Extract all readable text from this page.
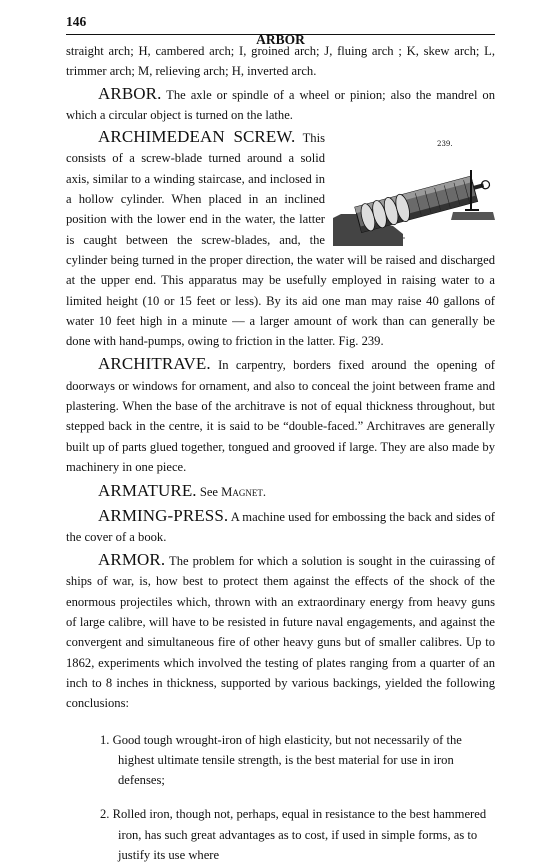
146
ARBOR

straight arch; H, cambered arch; I, groined arch; J, fluing arch ; K, skew arch; L, trimmer arch; M, relieving arch; H, inverted arch.

ARBOR. The axle or spindle of a wheel or pinion; also the mandrel on which a circular object is turned on the lathe.

239.
ARCHIMEDEAN SCREW. This consists of a screw-blade turned around a solid axis, similar to a winding staircase, and inclosed in a hollow cylinder. When placed in an inclined position with the lower end in the water, the latter is caught between the screw-blades, and, the cylinder being turned in the proper direction, the water will be raised and discharged at the upper end. This apparatus may be usefully employed in raising water to a limited height (10 or 15 feet or less). By its aid one man may raise 40 gallons of water 10 feet high in a minute — a larger amount of work than can generally be done with hand-pumps, owing to friction in the latter. Fig. 239.

ARCHITRAVE. In carpentry, borders fixed around the opening of doorways or windows for ornament, and also to conceal the joint between frame and plastering. When the base of the architrave is not of equal thickness throughout, but stepped back in the centre, it is said to be “double-faced.” Architraves are generally built up of parts glued together, tongued and grooved if large. They are also made by machinery in one piece.

ARMATURE. See Magnet.

ARMING-PRESS. A machine used for embossing the back and sides of the cover of a book.

ARMOR. The problem for which a solution is sought in the cuirassing of ships of war, is, how best to protect them against the effects of the shock of the enormous projectiles which, thrown with an extraordinary energy from heavy guns of large calibre, will have to be resisted in future naval engagements, and against the convergent and simultaneous fire of other heavy guns but of smaller calibres. Up to 1862, experiments which involved the testing of plates ranging from a quarter of an inch to 8 inches in thickness, supported by various backings, yielded the following conclusions:

1. Good tough wrought-iron of high elasticity, but not necessarily of the highest ultimate tensile strength, is the best material for use in iron defenses;
2. Rolled iron, though not, perhaps, equal in resistance to the best hammered iron, has such great advantages as to cost, if used in simple forms, as to justify its use where
